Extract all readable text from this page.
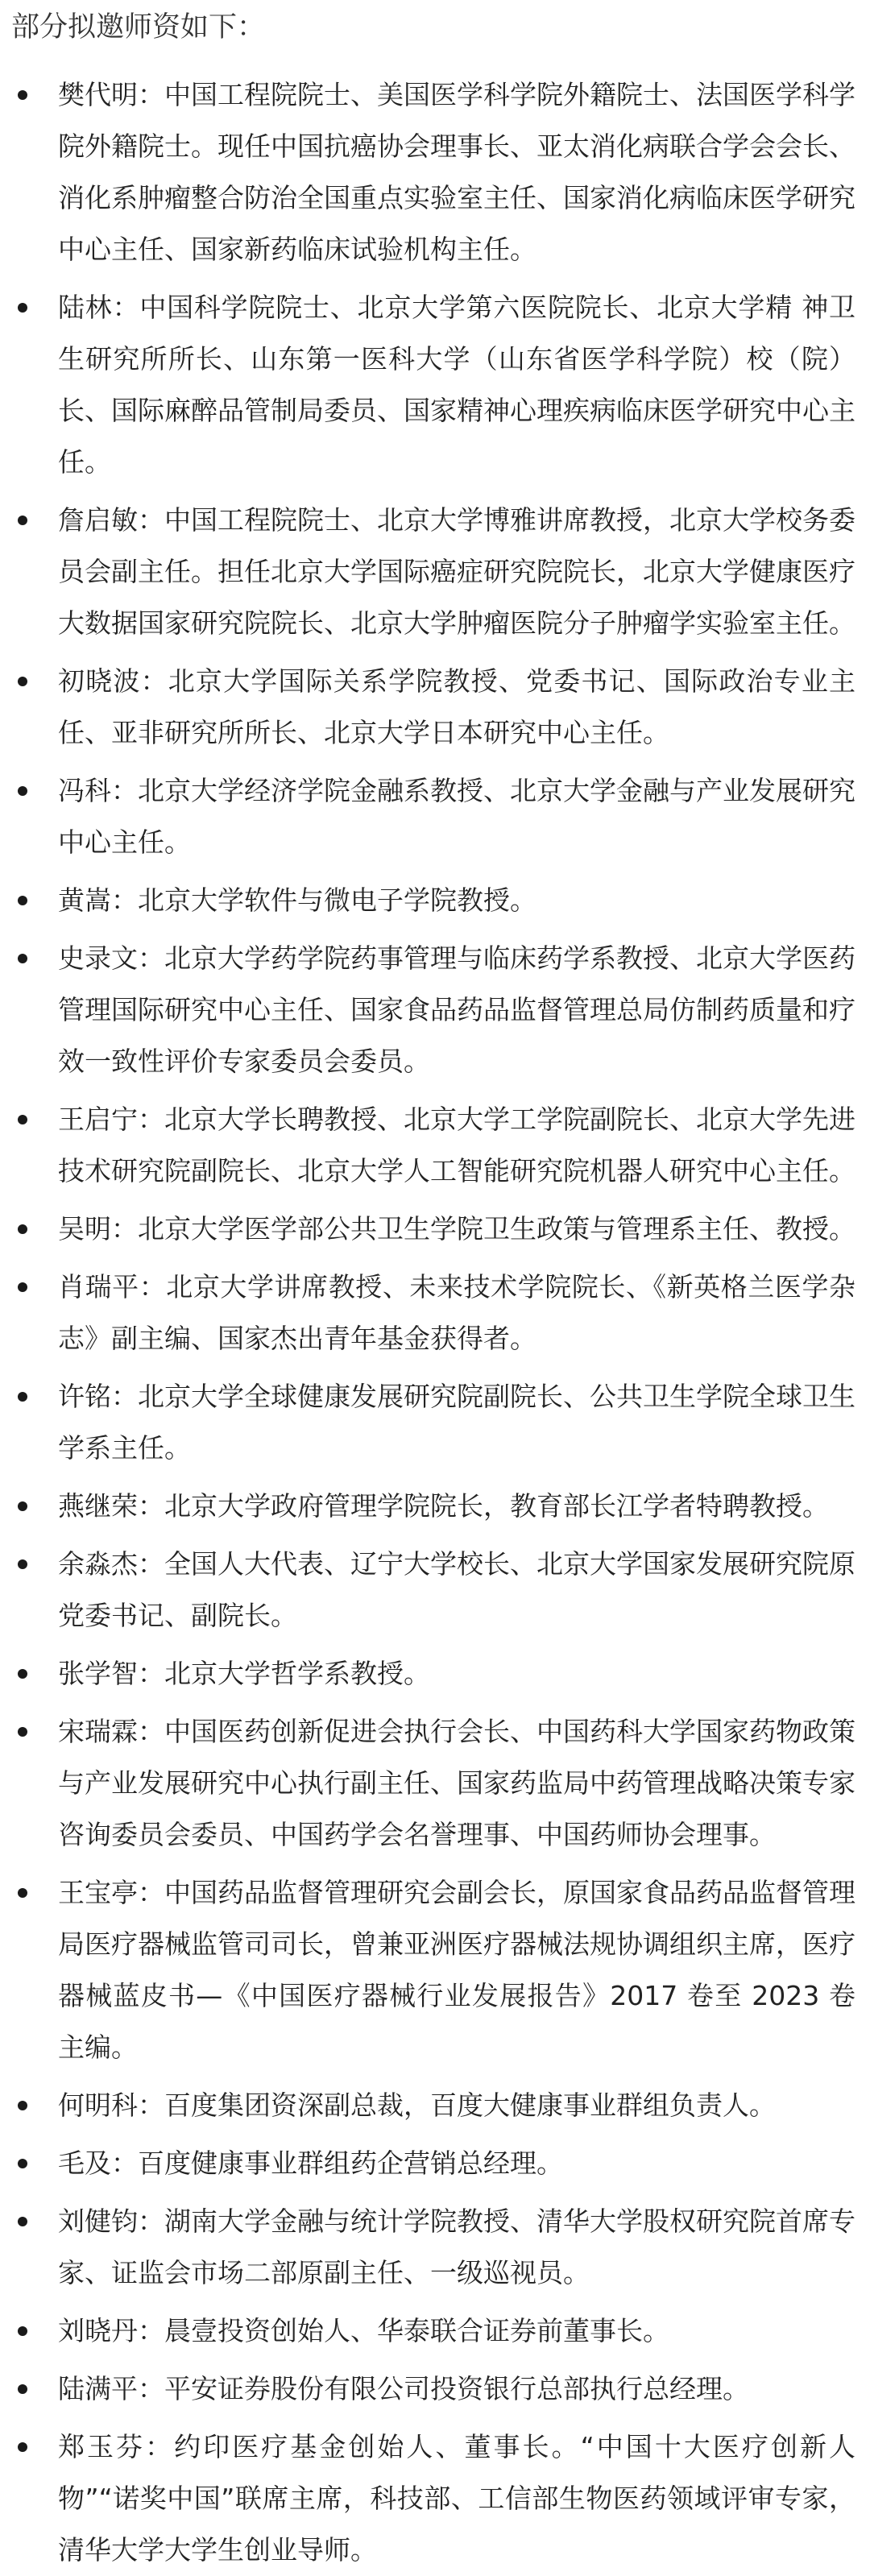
部分拟邀师资如下：

樊代明：中国工程院院士、美国医学科学院外籍院士、法国医学科学院外籍院士。现任中国抗癌协会理事长、亚太消化病联合学会会长、消化系肿瘤整合防治全国重点实验室主任、国家消化病临床医学研究中心主任、国家新药临床试验机构主任。
陆林：中国科学院院士、北京大学第六医院院长、北京大学精 神卫生研究所所长、山东第一医科大学（山东省医学科学院）校（院）长、国际麻醉品管制局委员、国家精神心理疾病临床医学研究中心主任。
詹启敏：中国工程院院士、北京大学博雅讲席教授，北京大学校务委员会副主任。担任北京大学国际癌症研究院院长，北京大学健康医疗大数据国家研究院院长、北京大学肿瘤医院分子肿瘤学实验室主任。
初晓波：北京大学国际关系学院教授、党委书记、国际政治专业主任、亚非研究所所长、北京大学日本研究中心主任。
冯科：北京大学经济学院金融系教授、北京大学金融与产业发展研究中心主任。
黄嵩：北京大学软件与微电子学院教授。
史录文：北京大学药学院药事管理与临床药学系教授、北京大学医药管理国际研究中心主任、国家食品药品监督管理总局仿制药质量和疗效一致性评价专家委员会委员。
王启宁：北京大学长聘教授、北京大学工学院副院长、北京大学先进技术研究院副院长、北京大学人工智能研究院机器人研究中心主任。
吴明：北京大学医学部公共卫生学院卫生政策与管理系主任、教授。
肖瑞平：北京大学讲席教授、未来技术学院院长、《新英格兰医学杂志》副主编、国家杰出青年基金获得者。
许铭：北京大学全球健康发展研究院副院长、公共卫生学院全球卫生学系主任。
燕继荣：北京大学政府管理学院院长，教育部长江学者特聘教授。
余淼杰：全国人大代表、辽宁大学校长、北京大学国家发展研究院原党委书记、副院长。
张学智：北京大学哲学系教授。
宋瑞霖：中国医药创新促进会执行会长、中国药科大学国家药物政策与产业发展研究中心执行副主任、国家药监局中药管理战略决策专家咨询委员会委员、中国药学会名誉理事、中国药师协会理事。
王宝亭：中国药品监督管理研究会副会长，原国家食品药品监督管理局医疗器械监管司司长，曾兼亚洲医疗器械法规协调组织主席，医疗器械蓝皮书—《中国医疗器械行业发展报告》2017 卷至 2023 卷主编。
何明科：百度集团资深副总裁，百度大健康事业群组负责人。
毛及：百度健康事业群组药企营销总经理。
刘健钧：湖南大学金融与统计学院教授、清华大学股权研究院首席专家、证监会市场二部原副主任、一级巡视员。
刘晓丹：晨壹投资创始人、华泰联合证券前董事长。
陆满平：平安证券股份有限公司投资银行总部执行总经理。
郑玉芬：约印医疗基金创始人、董事长。“中国十大医疗创新人物”“诺奖中国”联席主席，科技部、工信部生物医药领域评审专家，清华大学大学生创业导师。
